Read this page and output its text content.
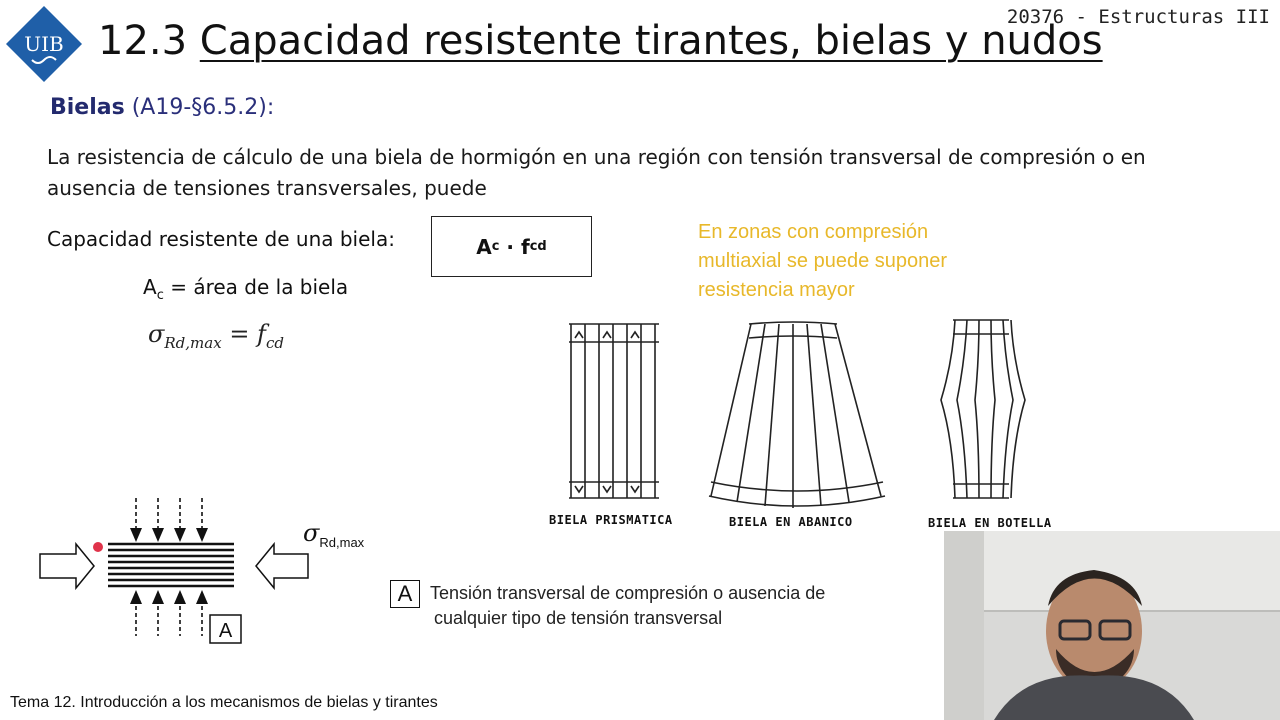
UIB 12.3 Capacidad resistente tirantes, bielas y nudos
20376 - Estructuras III
Bielas (A19-§6.5.2):
La resistencia de cálculo de una biela de hormigón en una región con tensión transversal de compresión o en
ausencia de tensiones transversales, puede
Capacidad resistente de una biela:	A c · f cd
$A_c$ = área de la biela
$\sigma_{Rd,max} = f_{cd}$
En zonas con compresión
multiaxial se puede suponer
resistencia mayor
BIELA PRISMATICA	BIELA EN ABANICO	BIELA EN BOTELLA
A
$\sigma_{Rd,max}$
A Tensión transversal de compresión o ausencia de
cualquier tipo de tensión transversal
Tema 12. Introducción a los mecanismos de bielas y tirantes
